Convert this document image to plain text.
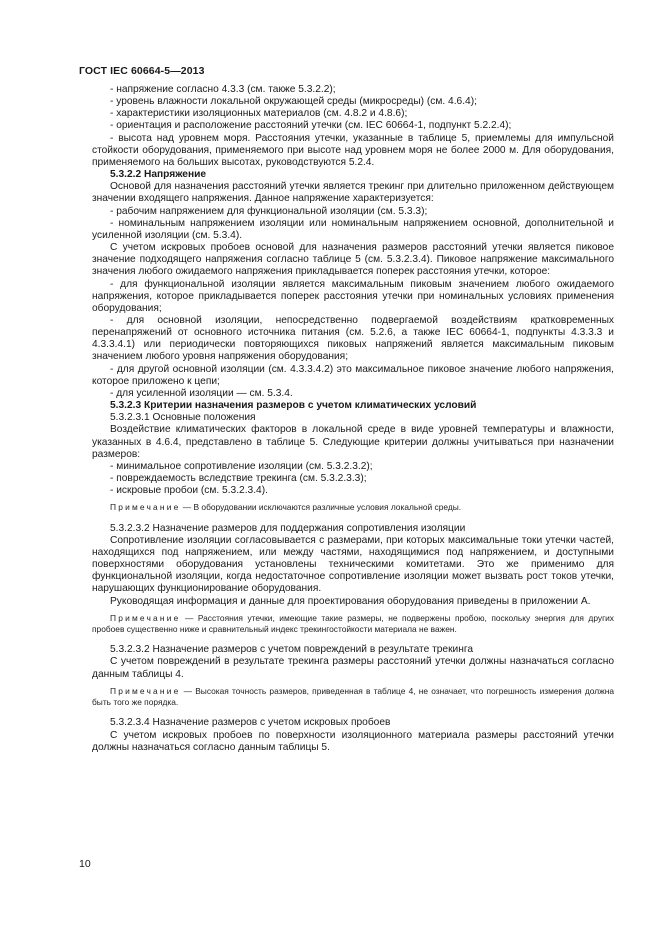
ГОСТ IEC 60664-5—2013

- напряжение согласно 4.3.3 (см. также 5.3.2.2);

- уровень влажности локальной окружающей среды (микросреды) (см. 4.6.4);

- характеристики изоляционных материалов (см. 4.8.2 и 4.8.6);

- ориентация и расположение расстояний утечки (см. IEC 60664-1, подпункт 5.2.2.4);

- высота над уровнем моря. Расстояния утечки, указанные в таблице 5, приемлемы для импульсной стойкости оборудования, применяемого при высоте над уровнем моря не более 2000 м. Для оборудования, применяемого на больших высотах, руководствуются 5.2.4.

5.3.2.2 Напряжение

Основой для назначения расстояний утечки является трекинг при длительно приложенном действующем значении входящего напряжения. Данное напряжение характеризуется:

- рабочим напряжением для функциональной изоляции (см. 5.3.3);

- номинальным напряжением изоляции или номинальным напряжением основной, дополнительной и усиленной изоляции (см. 5.3.4).

С учетом искровых пробоев основой для назначения размеров расстояний утечки является пиковое значение подходящего напряжения согласно таблице 5 (см. 5.3.2.3.4). Пиковое напряжение максимального значения любого ожидаемого напряжения прикладывается поперек расстояния утечки, которое:

- для функциональной изоляции является максимальным пиковым значением любого ожидаемого напряжения, которое прикладывается поперек расстояния утечки при номинальных условиях применения оборудования;

- для основной изоляции, непосредственно подвергаемой воздействиям кратковременных перенапряжений от основного источника питания (см. 5.2.6, а также IEC 60664-1, подпункты 4.3.3.3 и 4.3.3.4.1) или периодически повторяющихся пиковых напряжений является максимальным пиковым значением любого уровня напряжения оборудования;

- для другой основной изоляции (см. 4.3.3.4.2) это максимальное пиковое значение любого напряжения, которое приложено к цепи;

- для усиленной изоляции — см. 5.3.4.

5.3.2.3 Критерии назначения размеров с учетом климатических условий

5.3.2.3.1 Основные положения

Воздействие климатических факторов в локальной среде в виде уровней температуры и влажности, указанных в 4.6.4, представлено в таблице 5. Следующие критерии должны учитываться при назначении размеров:

- минимальное сопротивление изоляции (см. 5.3.2.3.2);

- повреждаемость вследствие трекинга (см. 5.3.2.3.3);

- искровые пробои (см. 5.3.2.3.4).

Примечание — В оборудовании исключаются различные условия локальной среды.

5.3.2.3.2 Назначение размеров для поддержания сопротивления изоляции

Сопротивление изоляции согласовывается с размерами, при которых максимальные токи утечки частей, находящихся под напряжением, или между частями, находящимися под напряжением, и доступными поверхностями оборудования установлены техническими комитетами. Это же применимо для функциональной изоляции, когда недостаточное сопротивление изоляции может вызвать рост токов утечки, нарушающих функционирование оборудования.

Руководящая информация и данные для проектирования оборудования приведены в приложении А.

Примечание — Расстояния утечки, имеющие такие размеры, не подвержены пробою, поскольку энергия для других пробоев существенно ниже и сравнительный индекс трекингостойкости материала не важен.

5.3.2.3.2 Назначение размеров с учетом повреждений в результате трекинга

С учетом повреждений в результате трекинга размеры расстояний утечки должны назначаться согласно данным таблицы 4.

Примечание — Высокая точность размеров, приведенная в таблице 4, не означает, что погрешность измерения должна быть того же порядка.

5.3.2.3.4 Назначение размеров с учетом искровых пробоев

С учетом искровых пробоев по поверхности изоляционного материала размеры расстояний утечки должны назначаться согласно данным таблицы 5.

10
